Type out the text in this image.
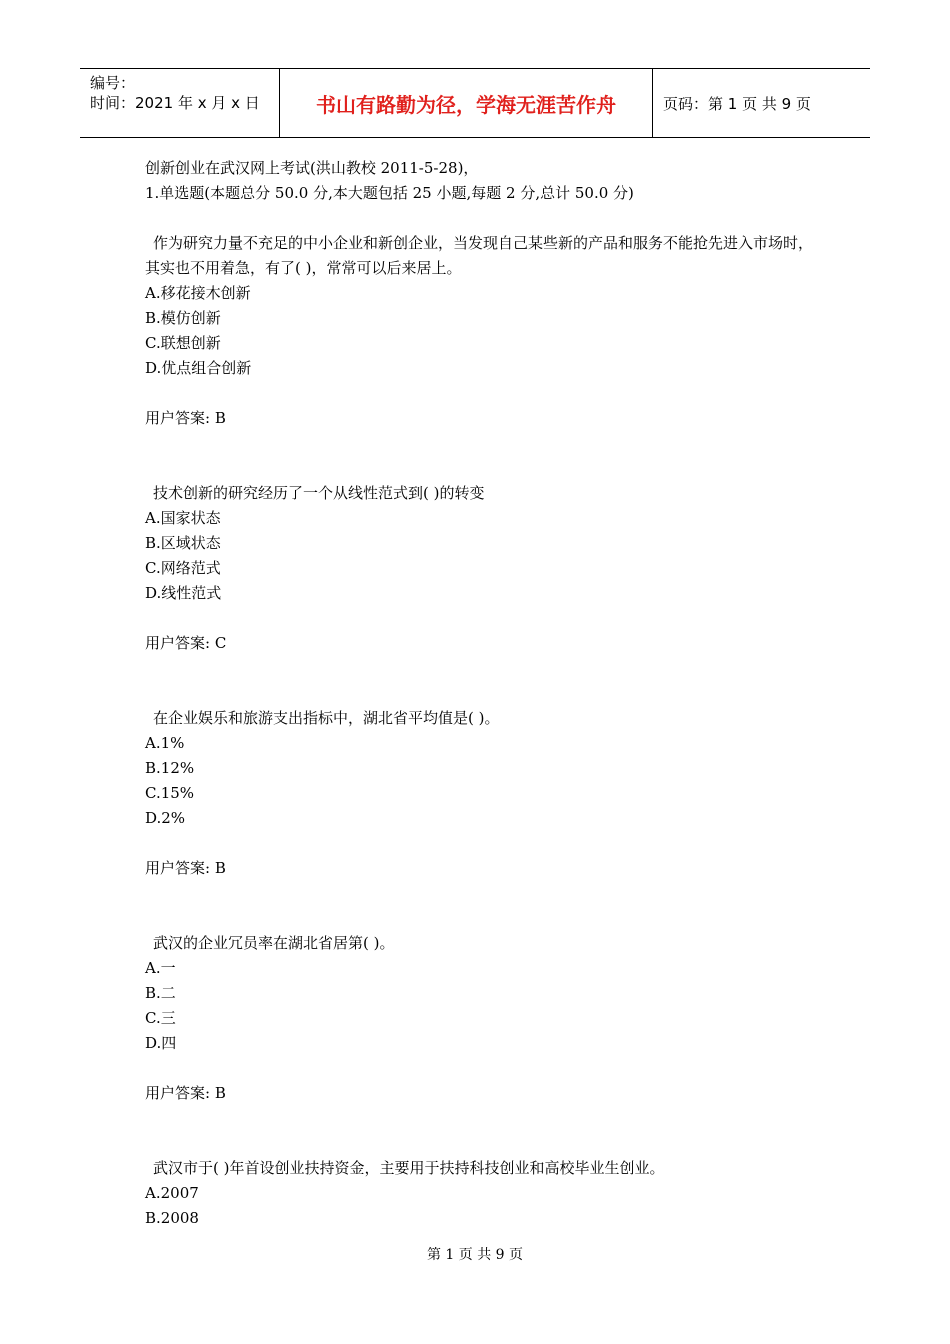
编号：
时间：2021 年 x 月 x 日	书山有路勤为径，学海无涯苦作舟	页码：第 1 页 共 9 页
创新创业在武汉网上考试(洪山教校 2011-5-28)，
1.单选题(本题总分 50.0 分,本大题包括 25 小题,每题 2 分,总计 50.0 分)
作为研究力量不充足的中小企业和新创企业，当发现自己某些新的产品和服务不能抢先进入市场时，其实也不用着急，有了( )，常常可以后来居上。
A.移花接木创新
B.模仿创新
C.联想创新
D.优点组合创新
用户答案: B
技术创新的研究经历了一个从线性范式到( )的转变
A.国家状态
B.区域状态
C.网络范式
D.线性范式
用户答案: C
在企业娱乐和旅游支出指标中，湖北省平均值是( )。
A.1%
B.12%
C.15%
D.2%
用户答案: B
武汉的企业冗员率在湖北省居第( )。
A.一
B.二
C.三
D.四
用户答案: B
武汉市于( )年首设创业扶持资金，主要用于扶持科技创业和高校毕业生创业。
A.2007
B.2008
第 1 页 共 9 页
